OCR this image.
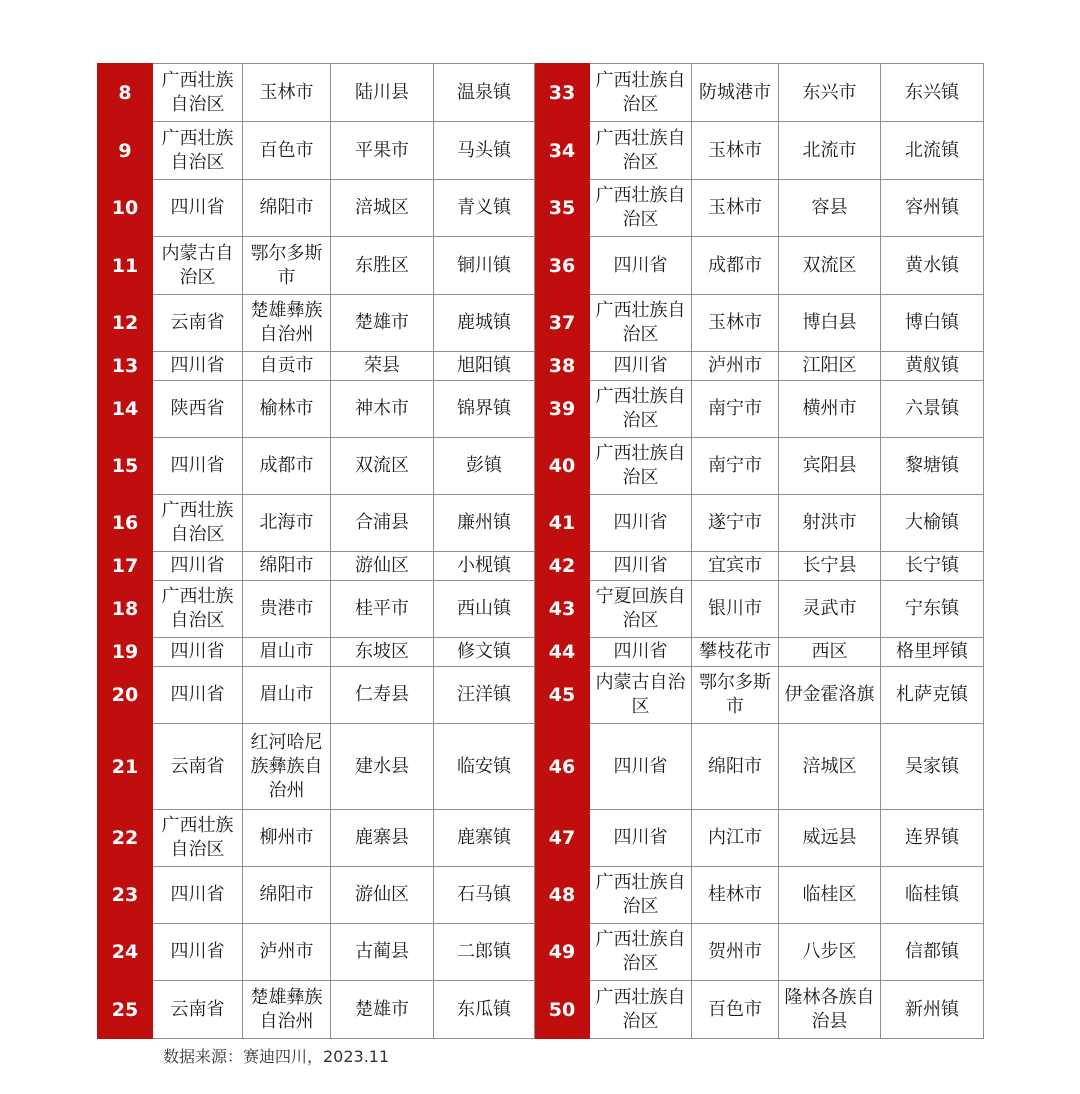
8	广西壮族自治区	玉林市	陆川县	温泉镇	33	广西壮族自治区	防城港市	东兴市	东兴镇
9	广西壮族自治区	百色市	平果市	马头镇	34	广西壮族自治区	玉林市	北流市	北流镇
10	四川省	绵阳市	涪城区	青义镇	35	广西壮族自治区	玉林市	容县	容州镇
11	内蒙古自治区	鄂尔多斯市	东胜区	铜川镇	36	四川省	成都市	双流区	黄水镇
12	云南省	楚雄彝族自治州	楚雄市	鹿城镇	37	广西壮族自治区	玉林市	博白县	博白镇
13	四川省	自贡市	荣县	旭阳镇	38	四川省	泸州市	江阳区	黄舣镇
14	陕西省	榆林市	神木市	锦界镇	39	广西壮族自治区	南宁市	横州市	六景镇
15	四川省	成都市	双流区	彭镇	40	广西壮族自治区	南宁市	宾阳县	黎塘镇
16	广西壮族自治区	北海市	合浦县	廉州镇	41	四川省	遂宁市	射洪市	大榆镇
17	四川省	绵阳市	游仙区	小枧镇	42	四川省	宜宾市	长宁县	长宁镇
18	广西壮族自治区	贵港市	桂平市	西山镇	43	宁夏回族自治区	银川市	灵武市	宁东镇
19	四川省	眉山市	东坡区	修文镇	44	四川省	攀枝花市	西区	格里坪镇
20	四川省	眉山市	仁寿县	汪洋镇	45	内蒙古自治区	鄂尔多斯市	伊金霍洛旗	札萨克镇
21	云南省	红河哈尼族彝族自治州	建水县	临安镇	46	四川省	绵阳市	涪城区	吴家镇
22	广西壮族自治区	柳州市	鹿寨县	鹿寨镇	47	四川省	内江市	威远县	连界镇
23	四川省	绵阳市	游仙区	石马镇	48	广西壮族自治区	桂林市	临桂区	临桂镇
24	四川省	泸州市	古蔺县	二郎镇	49	广西壮族自治区	贺州市	八步区	信都镇
25	云南省	楚雄彝族自治州	楚雄市	东瓜镇	50	广西壮族自治区	百色市	隆林各族自治县	新州镇

数据来源：赛迪四川，2023.11
